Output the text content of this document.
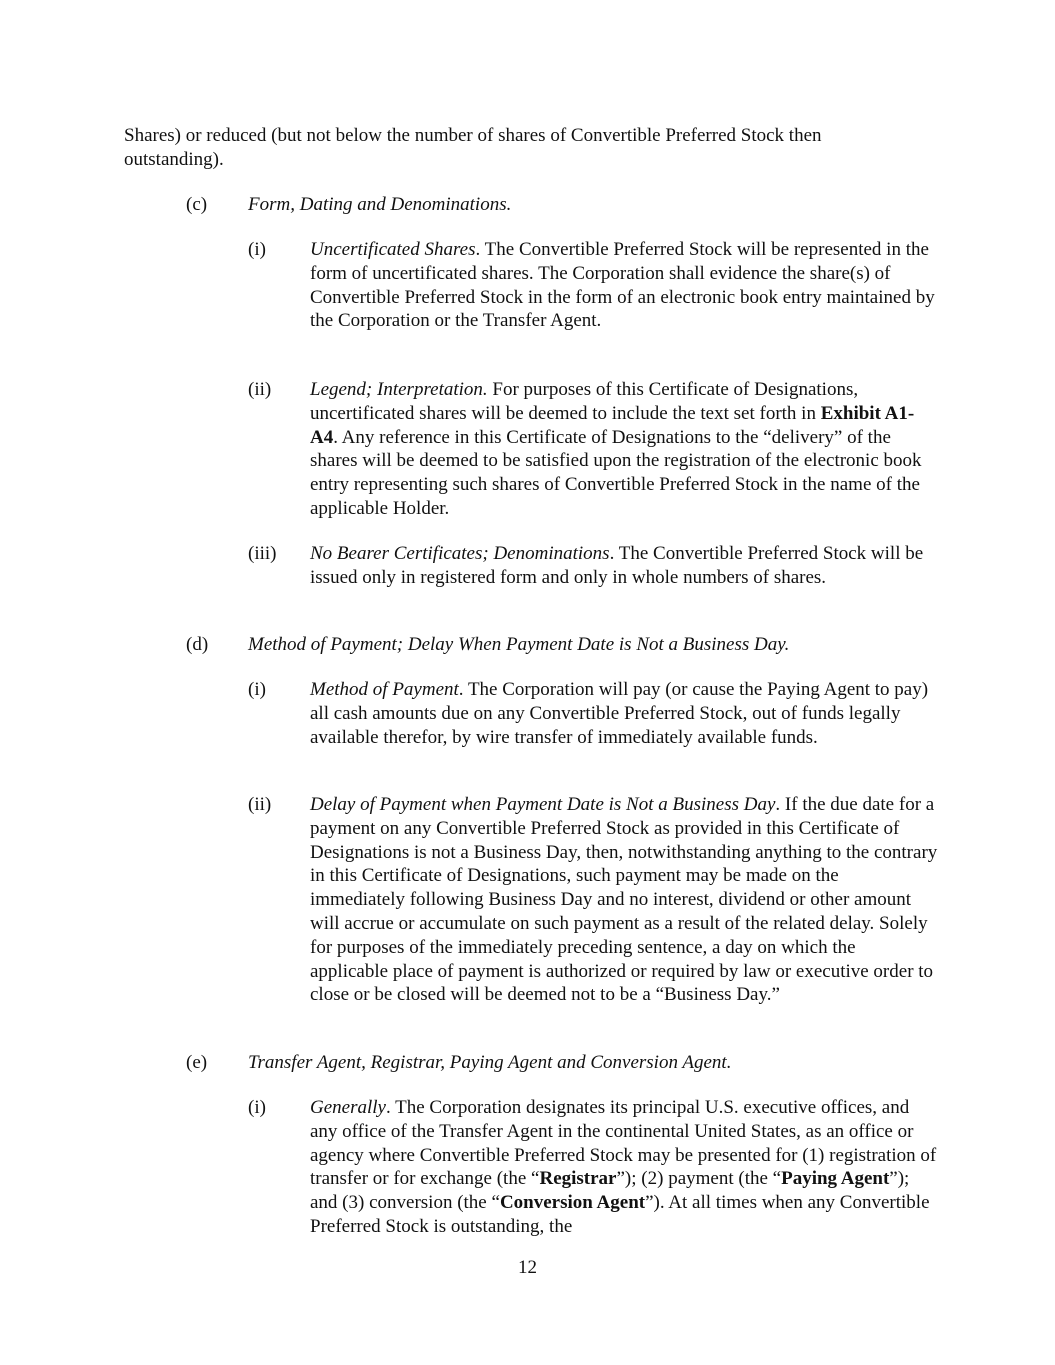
Shares) or reduced (but not below the number of shares of Convertible Preferred Stock then outstanding).

(c) Form, Dating and Denominations.

(i) Uncertificated Shares. The Convertible Preferred Stock will be represented in the form of uncertificated shares. The Corporation shall evidence the share(s) of Convertible Preferred Stock in the form of an electronic book entry maintained by the Corporation or the Transfer Agent.

(ii) Legend; Interpretation. For purposes of this Certificate of Designations, uncertificated shares will be deemed to include the text set forth in Exhibit A1-A4. Any reference in this Certificate of Designations to the “delivery” of the shares will be deemed to be satisfied upon the registration of the electronic book entry representing such shares of Convertible Preferred Stock in the name of the applicable Holder.

(iii) No Bearer Certificates; Denominations. The Convertible Preferred Stock will be issued only in registered form and only in whole numbers of shares.

(d) Method of Payment; Delay When Payment Date is Not a Business Day.

(i) Method of Payment. The Corporation will pay (or cause the Paying Agent to pay) all cash amounts due on any Convertible Preferred Stock, out of funds legally available therefor, by wire transfer of immediately available funds.

(ii) Delay of Payment when Payment Date is Not a Business Day. If the due date for a payment on any Convertible Preferred Stock as provided in this Certificate of Designations is not a Business Day, then, notwithstanding anything to the contrary in this Certificate of Designations, such payment may be made on the immediately following Business Day and no interest, dividend or other amount will accrue or accumulate on such payment as a result of the related delay. Solely for purposes of the immediately preceding sentence, a day on which the applicable place of payment is authorized or required by law or executive order to close or be closed will be deemed not to be a “Business Day.”

(e) Transfer Agent, Registrar, Paying Agent and Conversion Agent.

(i) Generally. The Corporation designates its principal U.S. executive offices, and any office of the Transfer Agent in the continental United States, as an office or agency where Convertible Preferred Stock may be presented for (1) registration of transfer or for exchange (the “Registrar”); (2) payment (the “Paying Agent”); and (3) conversion (the “Conversion Agent”). At all times when any Convertible Preferred Stock is outstanding, the

12
